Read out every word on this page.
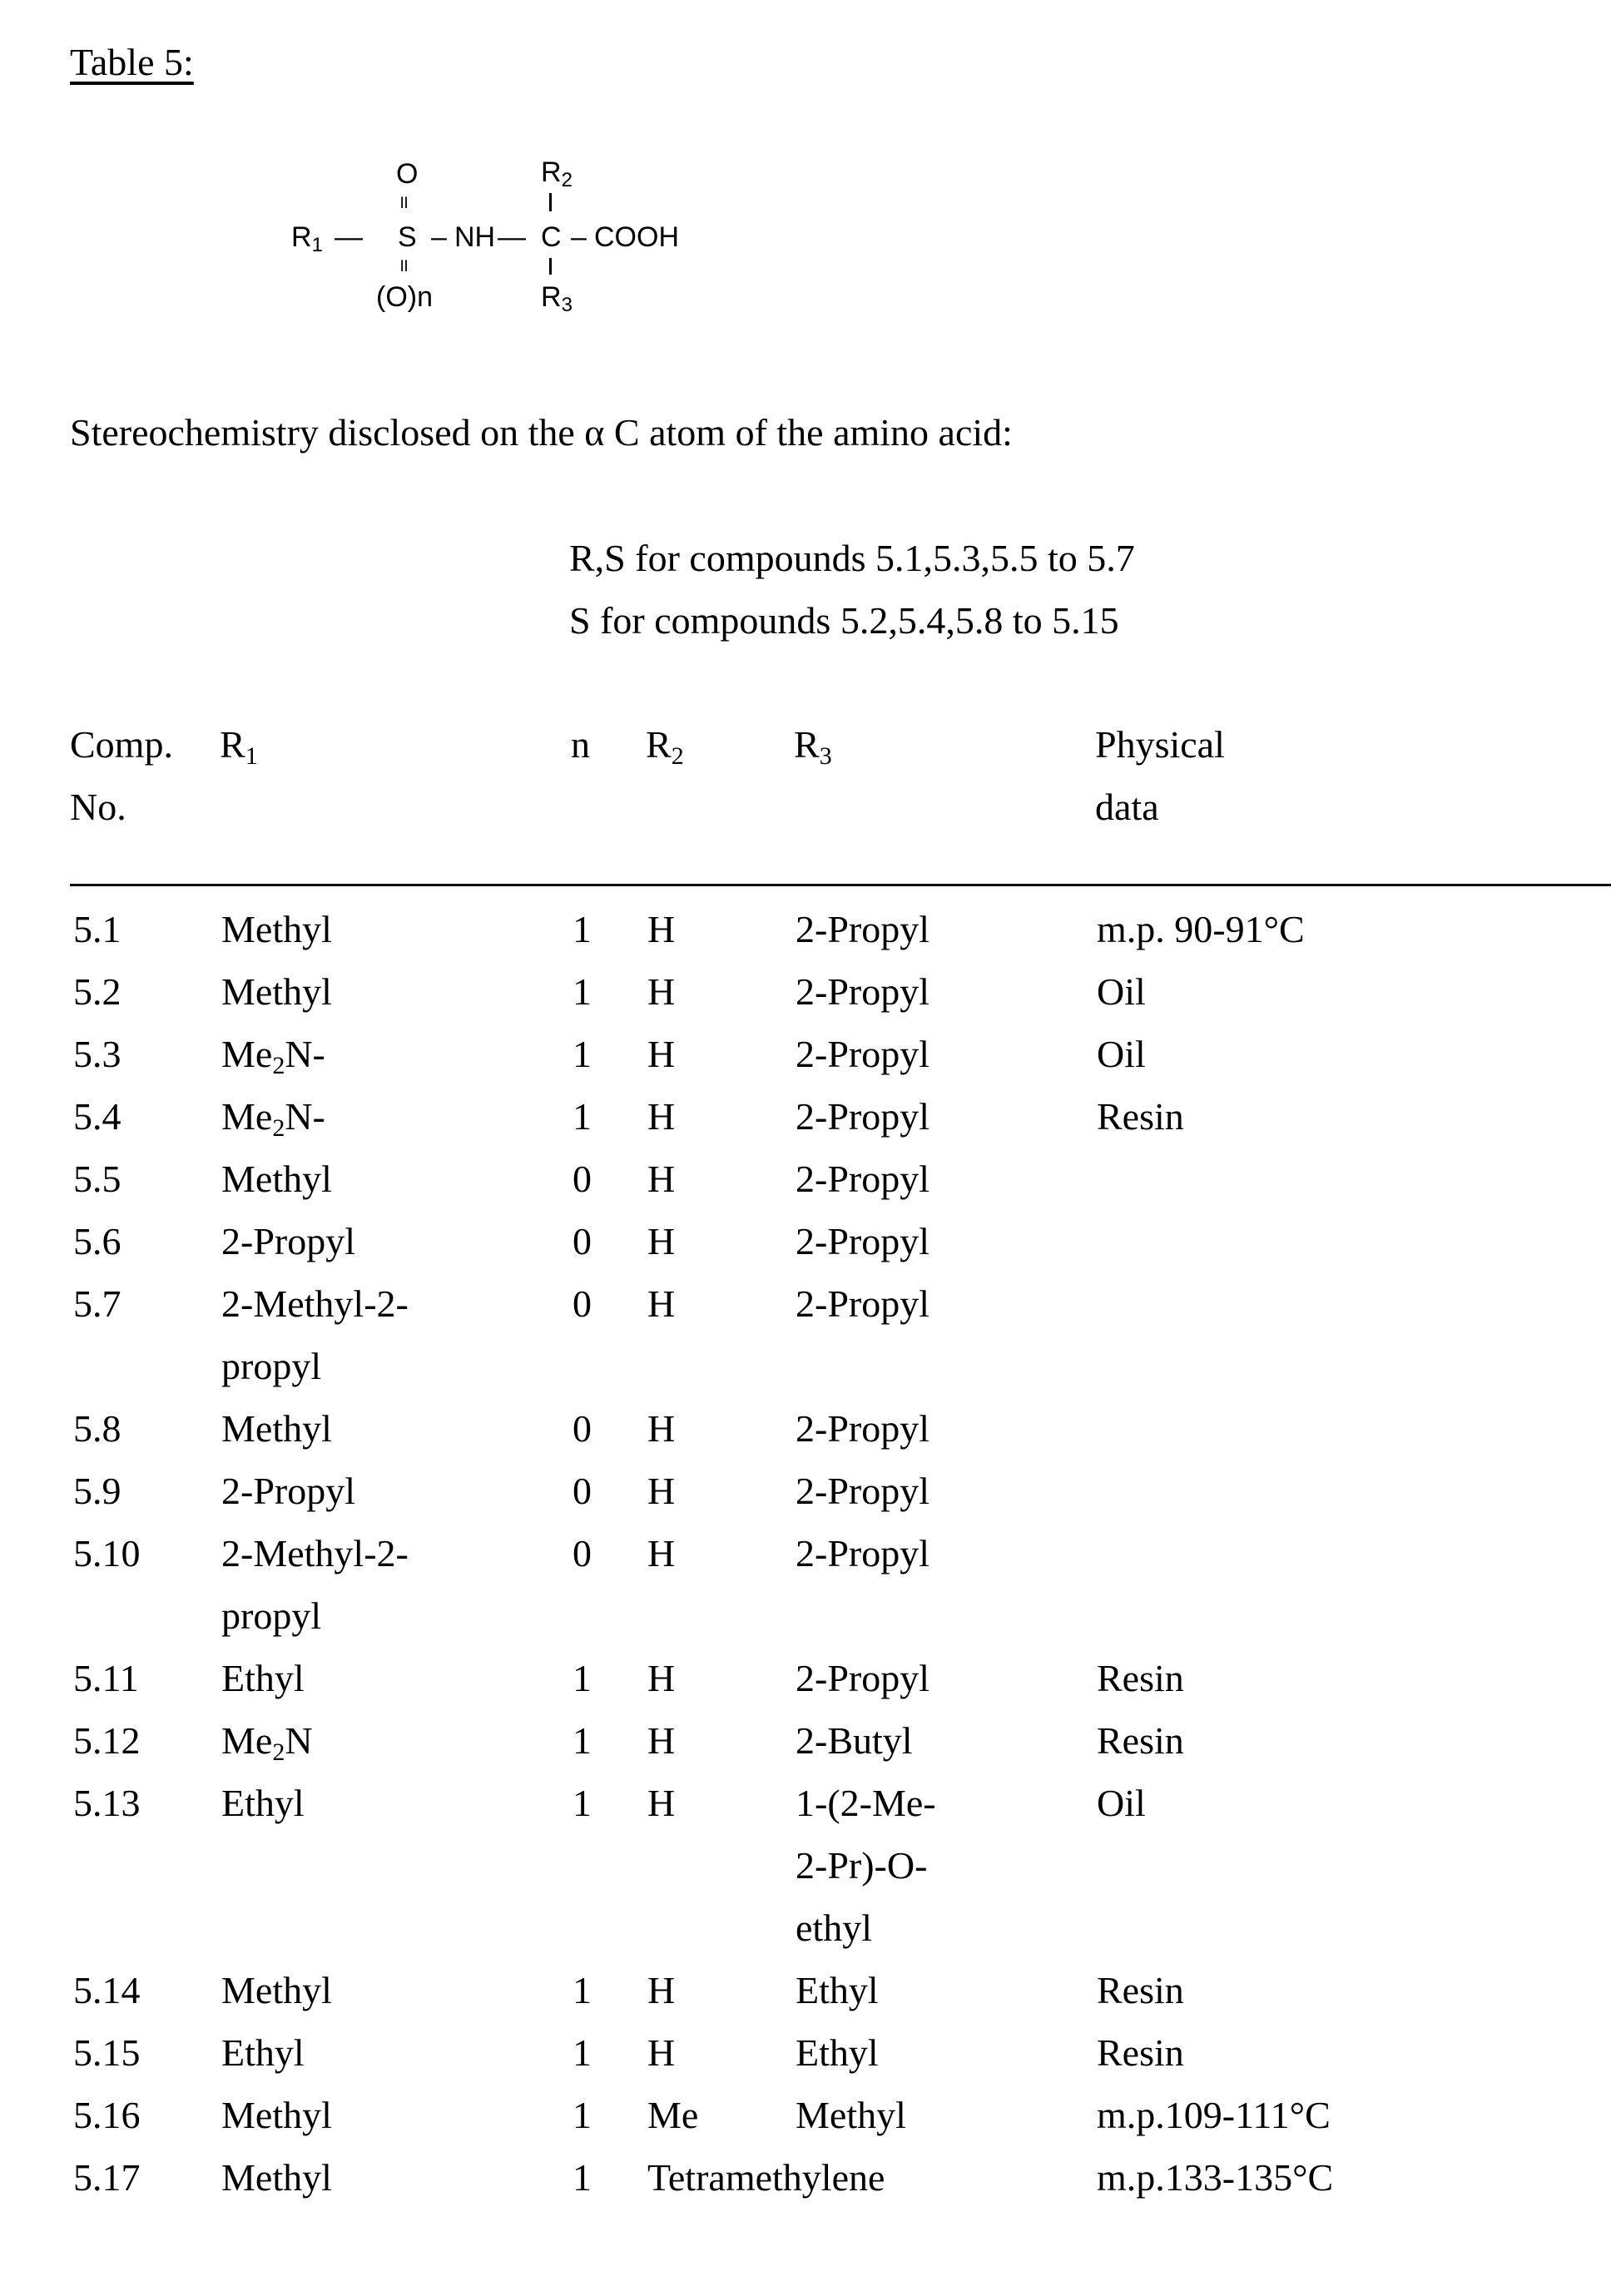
Table 5:
O
॥
$R_1$ — S – NH — C – COOH
$R_2$
॥
$R_3$
(O)n
Stereochemistry disclosed on the α C atom of the amino acid:
R,S for compounds 5.1,5.3,5.5 to 5.7
S for compounds 5.2,5.4,5.8 to 5.15
Comp.
No.
$R_1$	n $R_2$	$R_3$	Physical
data
5.1	Methyl	1 H	2-Propyl	m.p. 90-91°C
5.2	Methyl	1 H	2-Propyl	Oil
5.3	$Me_2N-$	1 H	2-Propyl	Oil
5.4	$Me_2N-$	1 H	2-Propyl	Resin
5.5	Methyl	0 H	2-Propyl
5.6	2-Propyl	0 H	2-Propyl
5.7	2-Methyl-2-	0 H	2-Propyl
propyl
5.8	Methyl	0 H	2-Propyl
5.9	2-Propyl	0 H	2-Propyl
5.10 2-Methyl-2-	0 H	2-Propyl
propyl
5.11 Ethyl	1 H	2-Propyl	Resin
5.12 $Me_2N$	1 H	2-Butyl	Resin
5.13 Ethyl	1 H	1-(2-Me-	Oil
2-Pr)-O-
ethyl
5.14 Methyl	1 H	Ethyl	Resin
5.15 Ethyl	1 H	Ethyl	Resin
5.16 Methyl	1 Me	Methyl	m.p.109-111°C
5.17 Methyl	1 Tetramethylene	m.p.133-135°C
